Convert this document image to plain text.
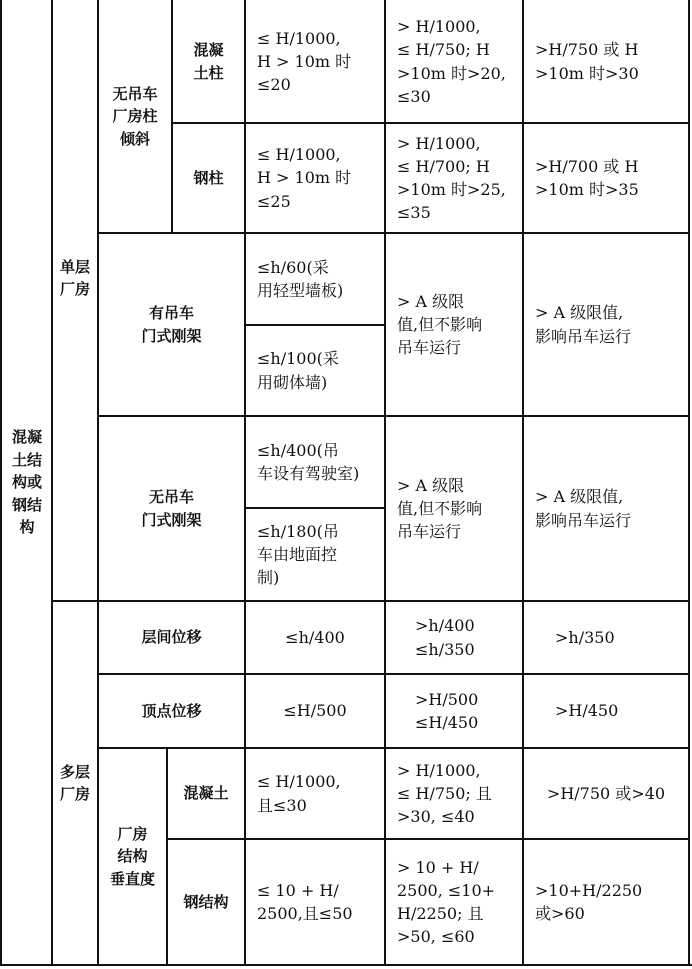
混凝
土结
构或
钢结
构
单层
厂房
无吊车
厂房柱
倾斜
混凝
土柱
≤ H/1000,
H > 10m 时
≤20
> H/1000,
≤ H/750; H
>10m 时>20,
≤30
>H/750 或 H
>10m 时>30
钢柱
≤ H/1000,
H > 10m 时
≤25
> H/1000,
≤ H/700; H
>10m 时>25,
≤35
>H/700 或 H
>10m 时>35
有吊车
门式刚架
≤h/60(采
用轻型墙板)
≤h/100(采
用砌体墙)
> A 级限
值,但不影响
吊车运行
> A 级限值,
影响吊车运行
无吊车
门式刚架
≤h/400(吊
车设有驾驶室)
≤h/180(吊
车由地面控
制)
> A 级限
值,但不影响
吊车运行
> A 级限值,
影响吊车运行
多层
厂房
层间位移	≤h/400
>h/400
≤h/350
>h/350
顶点位移	≤H/500
>H/500
≤H/450
>H/450
厂房
结构
垂直度
混凝土
≤ H/1000,
且≤30
> H/1000,
≤ H/750; 且
>30, ≤40
>H/750 或>40
钢结构
≤ 10 + H/
2500,且≤50
> 10 + H/
2500, ≤10+
H/2250; 且
>50, ≤60
>10+H/2250
或>60
